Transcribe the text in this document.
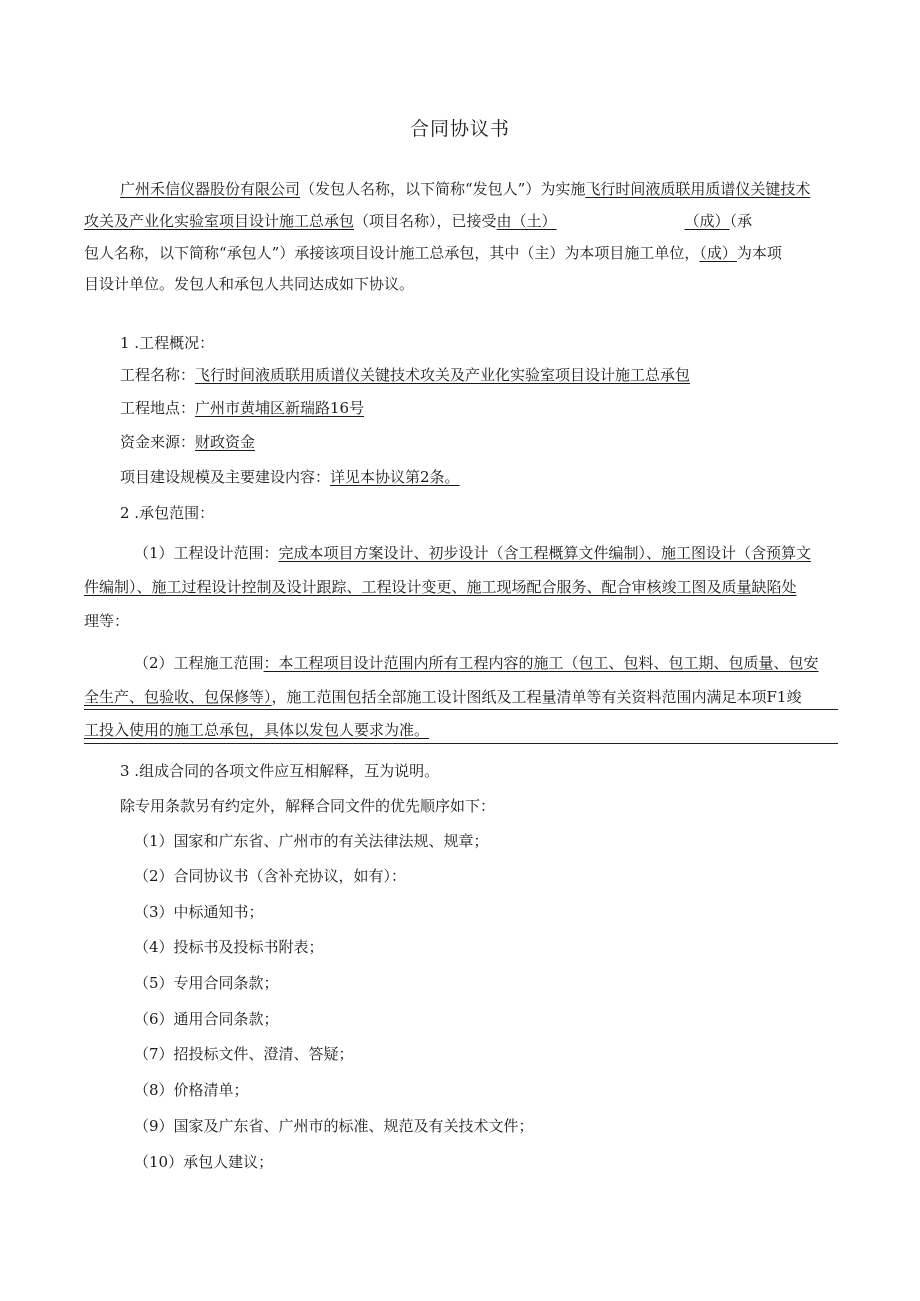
合同协议书
广州禾信仪器股份有限公司（发包人名称，以下简称“发包人”）为实施飞行时间液质联用质谱仪关键技术
攻关及产业化实验室项目设计施工总承包（项目名称），已接受由（土）	（成）（承
包人名称，以下简称“承包人”）承接该项目设计施工总承包，其中（主）为本项目施工单位，（成）为本项
目设计单位。发包人和承包人共同达成如下协议。
1 .工程概况：
工程名称：飞行时间液质联用质谱仪关键技术攻关及产业化实验室项目设计施工总承包
工程地点：广州市黄埔区新瑞路16号
资金来源：财政资金
项目建设规模及主要建设内容：详见本协议第2条。
2 .承包范围：
（1）工程设计范围：完成本项目方案设计、初步设计（含工程概算文件编制）、施工图设计（含预算文
件编制）、施工过程设计控制及设计跟踪、工程设计变更、施工现场配合服务、配合审核竣工图及质量缺陷处
理等：
（2）工程施工范围：本工程项目设计范围内所有工程内容的施工（包工、包料、包工期、包质量、包安
全生产、包验收、包保修等），施工范围包括全部施工设计图纸及工程量清单等有关资料范围内满足本项F1竣
工投入使用的施工总承包，具体以发包人要求为准。
3 .组成合同的各项文件应互相解释，互为说明。
除专用条款另有约定外，解释合同文件的优先顺序如下：
（1）国家和广东省、广州市的有关法律法规、规章；
（2）合同协议书（含补充协议，如有）：
（3）中标通知书；
（4）投标书及投标书附表；
（5）专用合同条款；
（6）通用合同条款；
（7）招投标文件、澄清、答疑；
（8）价格清单；
（9）国家及广东省、广州市的标准、规范及有关技术文件；
（10）承包人建议；
